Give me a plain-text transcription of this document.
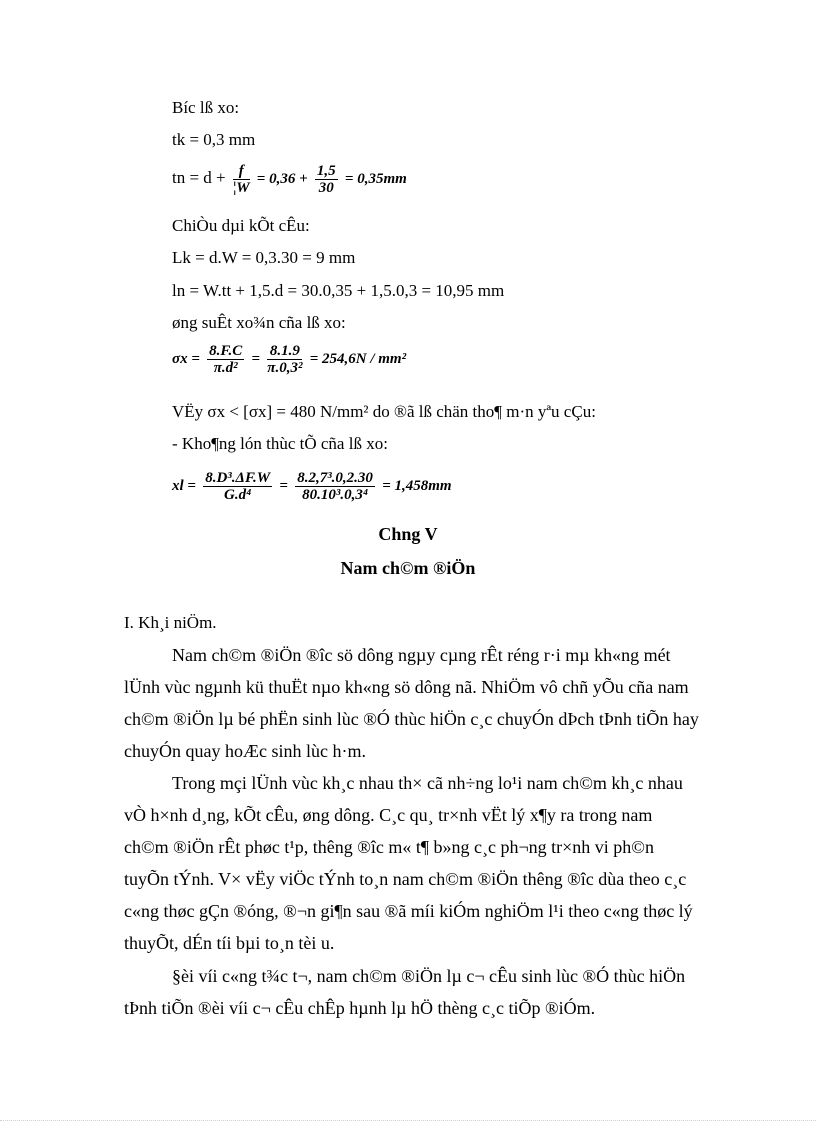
Bíc lß xo:
tk = 0,3 mm
tn = $d + \frac{f}{¦W} = 0,36 + \frac{1,5}{30} = 0,35mm$
ChiÒu dµi kÕt cÊu:
Lk = d.W = 0,3.30 = 9 mm
ln = W.tt + 1,5.d = 30.0,35 + 1,5.0,3 = 10,95 mm
øng suÊt xo¾n cña lß xo:
$\sigma x = \frac{8.F.C}{\text{π.d²}} = \frac{8.1.9}{\text{π.0,3²}} = 254,6N / mm^2$
VËy σx < [σx] = 480 N/mm² do ®ã lß chän tho¶ m·n yªu cÇu:
- Kho¶ng lón thùc tÕ cña lß xo:
xl = $\frac{\text{8.D³.ΔF.W}}{\text{G.d⁴}} = \frac{\text{8.2,7³.0,2.30}}{\text{80.10³.0,3⁴}} = 1,458mm$
Chng V
Nam ch©m ®iÖn
I. Kh¸i niÖm.
Nam ch©m ®iÖn ®îc sö dông ngµy cµng rÊt réng r·i mµ kh«ng mét
lÜnh vùc ngµnh kü thuËt nµo kh«ng sö dông nã. NhiÖm vô chñ yÕu cña nam
ch©m ®iÖn lµ bé phËn sinh lùc ®Ó thùc hiÖn c¸c chuyÓn dÞch tÞnh tiÕn hay
chuyÓn quay hoÆc sinh lùc h·m.
Trong mçi lÜnh vùc kh¸c nhau th× cã nh÷ng lo¹i nam ch©m kh¸c nhau
vÒ h×nh d¸ng, kÕt cÊu, øng dông. C¸c qu¸ tr×nh vËt lý x¶y ra trong nam
ch©m ®iÖn rÊt phøc t¹p, thêng ®îc m« t¶ b»ng c¸c ph¬ng tr×nh vi ph©n
tuyÕn tÝnh. V× vËy viÖc tÝnh to¸n nam ch©m ®iÖn thêng ®îc dùa theo c¸c
c«ng thøc gÇn ®óng, ®¬n gi¶n sau ®ã míi kiÓm nghiÖm l¹i theo c«ng thøc lý
thuyÕt, dÉn tíi bµi to¸n tèi u.
§èi víi c«ng t¾c t¬, nam ch©m ®iÖn lµ c¬ cÊu sinh lùc ®Ó thùc hiÖn
tÞnh tiÕn ®èi víi c¬ cÊu chÊp hµnh lµ hÖ thèng c¸c tiÕp ®iÓm.
